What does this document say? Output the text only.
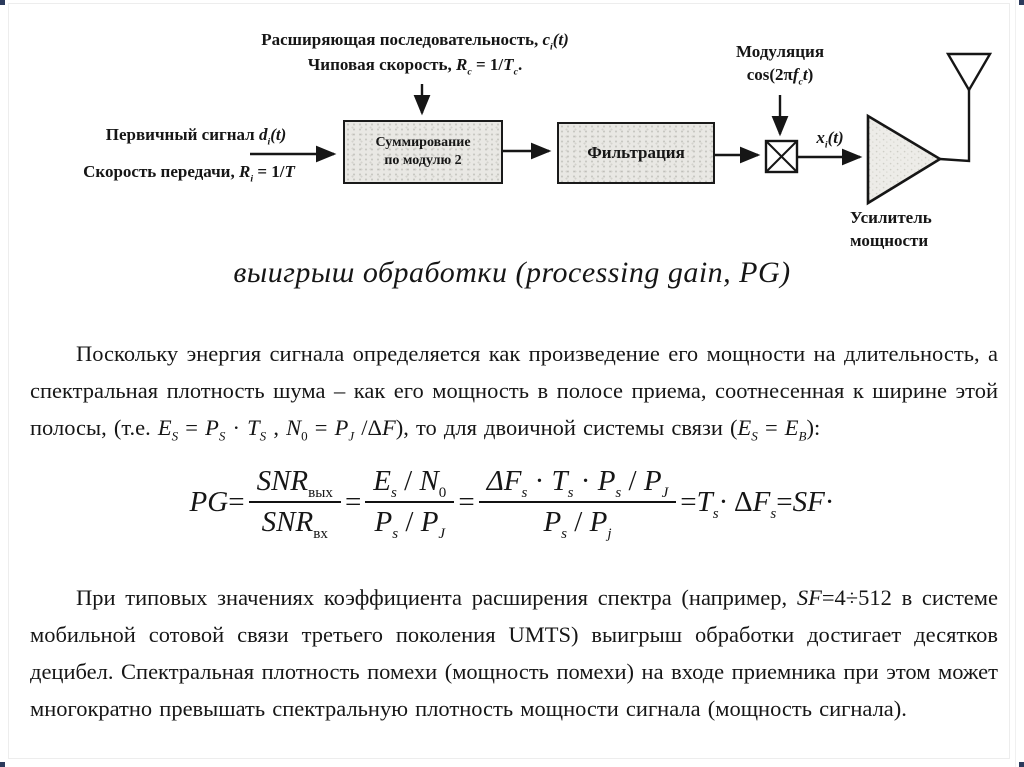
Расширяющая последовательность, $c_i(t)$
Чиповая скорость, $R_c = 1/T_c$.
Модуляция
$\cos(2\pi f_ct)$
Первичный сигнал $d_i(t)$
Скорость передачи, $R_i = 1/T$
Суммирование
по модулю 2	Фильтрация
$x_i(t)$
Усилитель
мощности
выигрыш обработки (processing gain, PG)

Поскольку энергия сигнала определяется как произведение его мощности на длительность, а спектральная плотность шума – как его мощность в полосе приема, соотнесенная к ширине этой полосы, (т.е. $E_S = P_S \cdot T_S$ , $N_0 = P_J$ /ΔF), то для двоичной системы связи $(E_S = E_B)$:

PG = $\frac{SNR_{вых}}{SNR_{вх}} = \frac{E_s / N_0}{P_s / P_J} = \frac{\Delta F_s \cdot T_s \cdot P_s / P_J}{P_s / P_j} = T_s \cdot \Delta$ $F_s$ = SF ·

При типовых значениях коэффициента расширения спектра (например, SF=4÷512 в системе мобильной сотовой связи третьего поколения UMTS) выигрыш обработки достигает десятков децибел. Спектральная плотность помехи (мощность помехи) на входе приемника при этом может многократно превышать спектральную плотность мощности сигнала (мощность сигнала).
